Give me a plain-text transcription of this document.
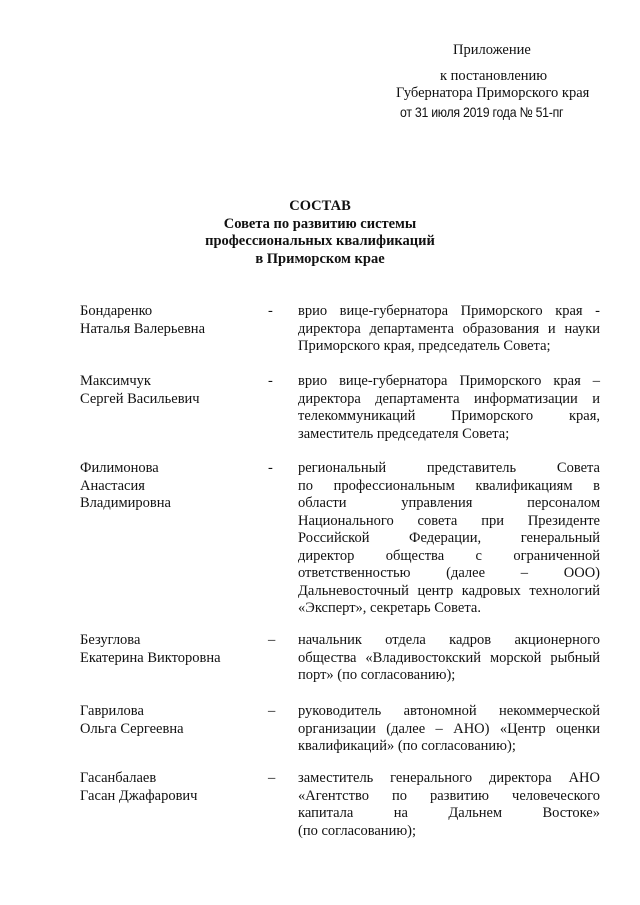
Приложение
к постановлению
Губернатора Приморского края
от 31 июля 2019 года № 51-пг
СОСТАВ
Совета по развитию системы
профессиональных квалификаций
в Приморском крае
Бондаренко
Наталья Валерьевна
- врио вице-губернатора Приморского края -
директора департамента образования и науки
Приморского края, председатель Совета;
Максимчук
Сергей Васильевич
- врио вице-губернатора Приморского края –
директора департамента информатизации и
телекоммуникаций Приморского края,
заместитель председателя Совета;
Филимонова
Анастасия
Владимировна
- региональный представитель Совета
по профессиональным квалификациям в
области управления персоналом
Национального совета при Президенте
Российской Федерации, генеральный
директор общества с ограниченной
ответственностью (далее – ООО)
Дальневосточный центр кадровых технологий
«Эксперт», секретарь Совета.
Безуглова
Екатерина Викторовна
– начальник отдела кадров акционерного
общества «Владивостокский морской рыбный
порт» (по согласованию);
Гаврилова
Ольга Сергеевна
– руководитель автономной некоммерческой
организации (далее – АНО) «Центр оценки
квалификаций» (по согласованию);
Гасанбалаев
Гасан Джафарович
– заместитель генерального директора АНО
«Агентство по развитию человеческого
капитала на Дальнем Востоке»
(по согласованию);
